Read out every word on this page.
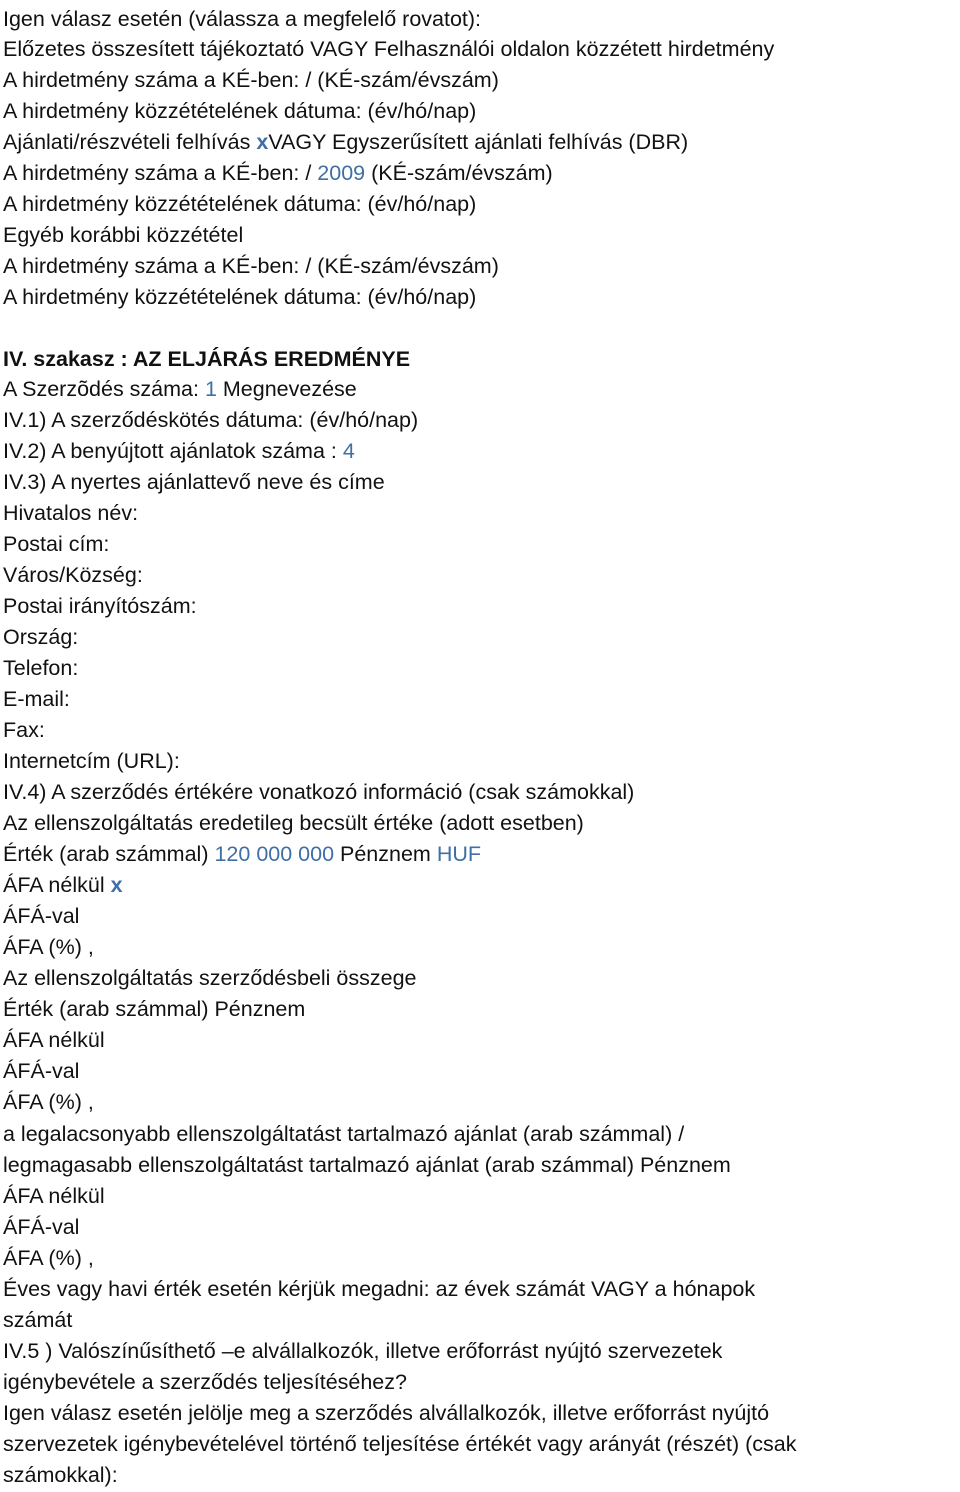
Igen válasz esetén (válassza a megfelelő rovatot):
Előzetes összesített tájékoztató VAGY Felhasználói oldalon közzétett hirdetmény
A hirdetmény száma a KÉ-ben: / (KÉ-szám/évszám)
A hirdetmény közzétételének dátuma: (év/hó/nap)
Ajánlati/részvételi felhívás xVAGY Egyszerűsített ajánlati felhívás (DBR)
A hirdetmény száma a KÉ-ben: / 2009 (KÉ-szám/évszám)
A hirdetmény közzétételének dátuma: (év/hó/nap)
Egyéb korábbi közzététel
A hirdetmény száma a KÉ-ben: / (KÉ-szám/évszám)
A hirdetmény közzétételének dátuma: (év/hó/nap)
IV. szakasz : AZ ELJÁRÁS EREDMÉNYE
A Szerzõdés száma: 1 Megnevezése
IV.1) A szerződéskötés dátuma: (év/hó/nap)
IV.2) A benyújtott ajánlatok száma : 4
IV.3) A nyertes ajánlattevő neve és címe
Hivatalos név:
Postai cím:
Város/Község:
Postai irányítószám:
Ország:
Telefon:
E-mail:
Fax:
Internetcím (URL):
IV.4) A szerződés értékére vonatkozó információ (csak számokkal)
Az ellenszolgáltatás eredetileg becsült értéke (adott esetben)
Érték (arab számmal) 120 000 000 Pénznem HUF
ÁFA nélkül x
ÁFÁ-val
ÁFA (%) ,
Az ellenszolgáltatás szerződésbeli összege
Érték (arab számmal) Pénznem
ÁFA nélkül
ÁFÁ-val
ÁFA (%) ,
a legalacsonyabb ellenszolgáltatást tartalmazó ajánlat (arab számmal) /
legmagasabb ellenszolgáltatást tartalmazó ajánlat (arab számmal) Pénznem
ÁFA nélkül
ÁFÁ-val
ÁFA (%) ,
Éves vagy havi érték esetén kérjük megadni: az évek számát VAGY a hónapok
számát
IV.5 ) Valószínűsíthető –e alvállalkozók, illetve erőforrást nyújtó szervezetek
igénybevétele a szerződés teljesítéséhez?
Igen válasz esetén jelölje meg a szerződés alvállalkozók, illetve erőforrást nyújtó
szervezetek igénybevételével történő teljesítése értékét vagy arányát (részét) (csak
számokkal):
